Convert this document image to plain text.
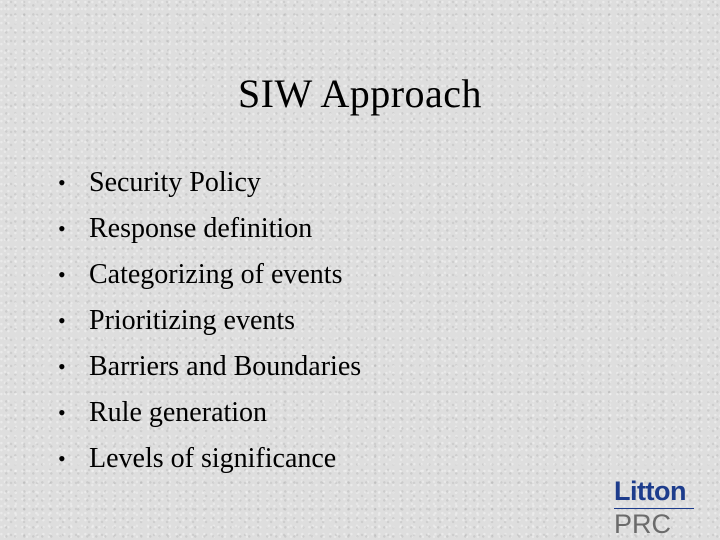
SIW Approach
• Security Policy
• Response definition
• Categorizing of events
• Prioritizing events
• Barriers and Boundaries
• Rule generation
• Levels of significance
Litton
PRC
